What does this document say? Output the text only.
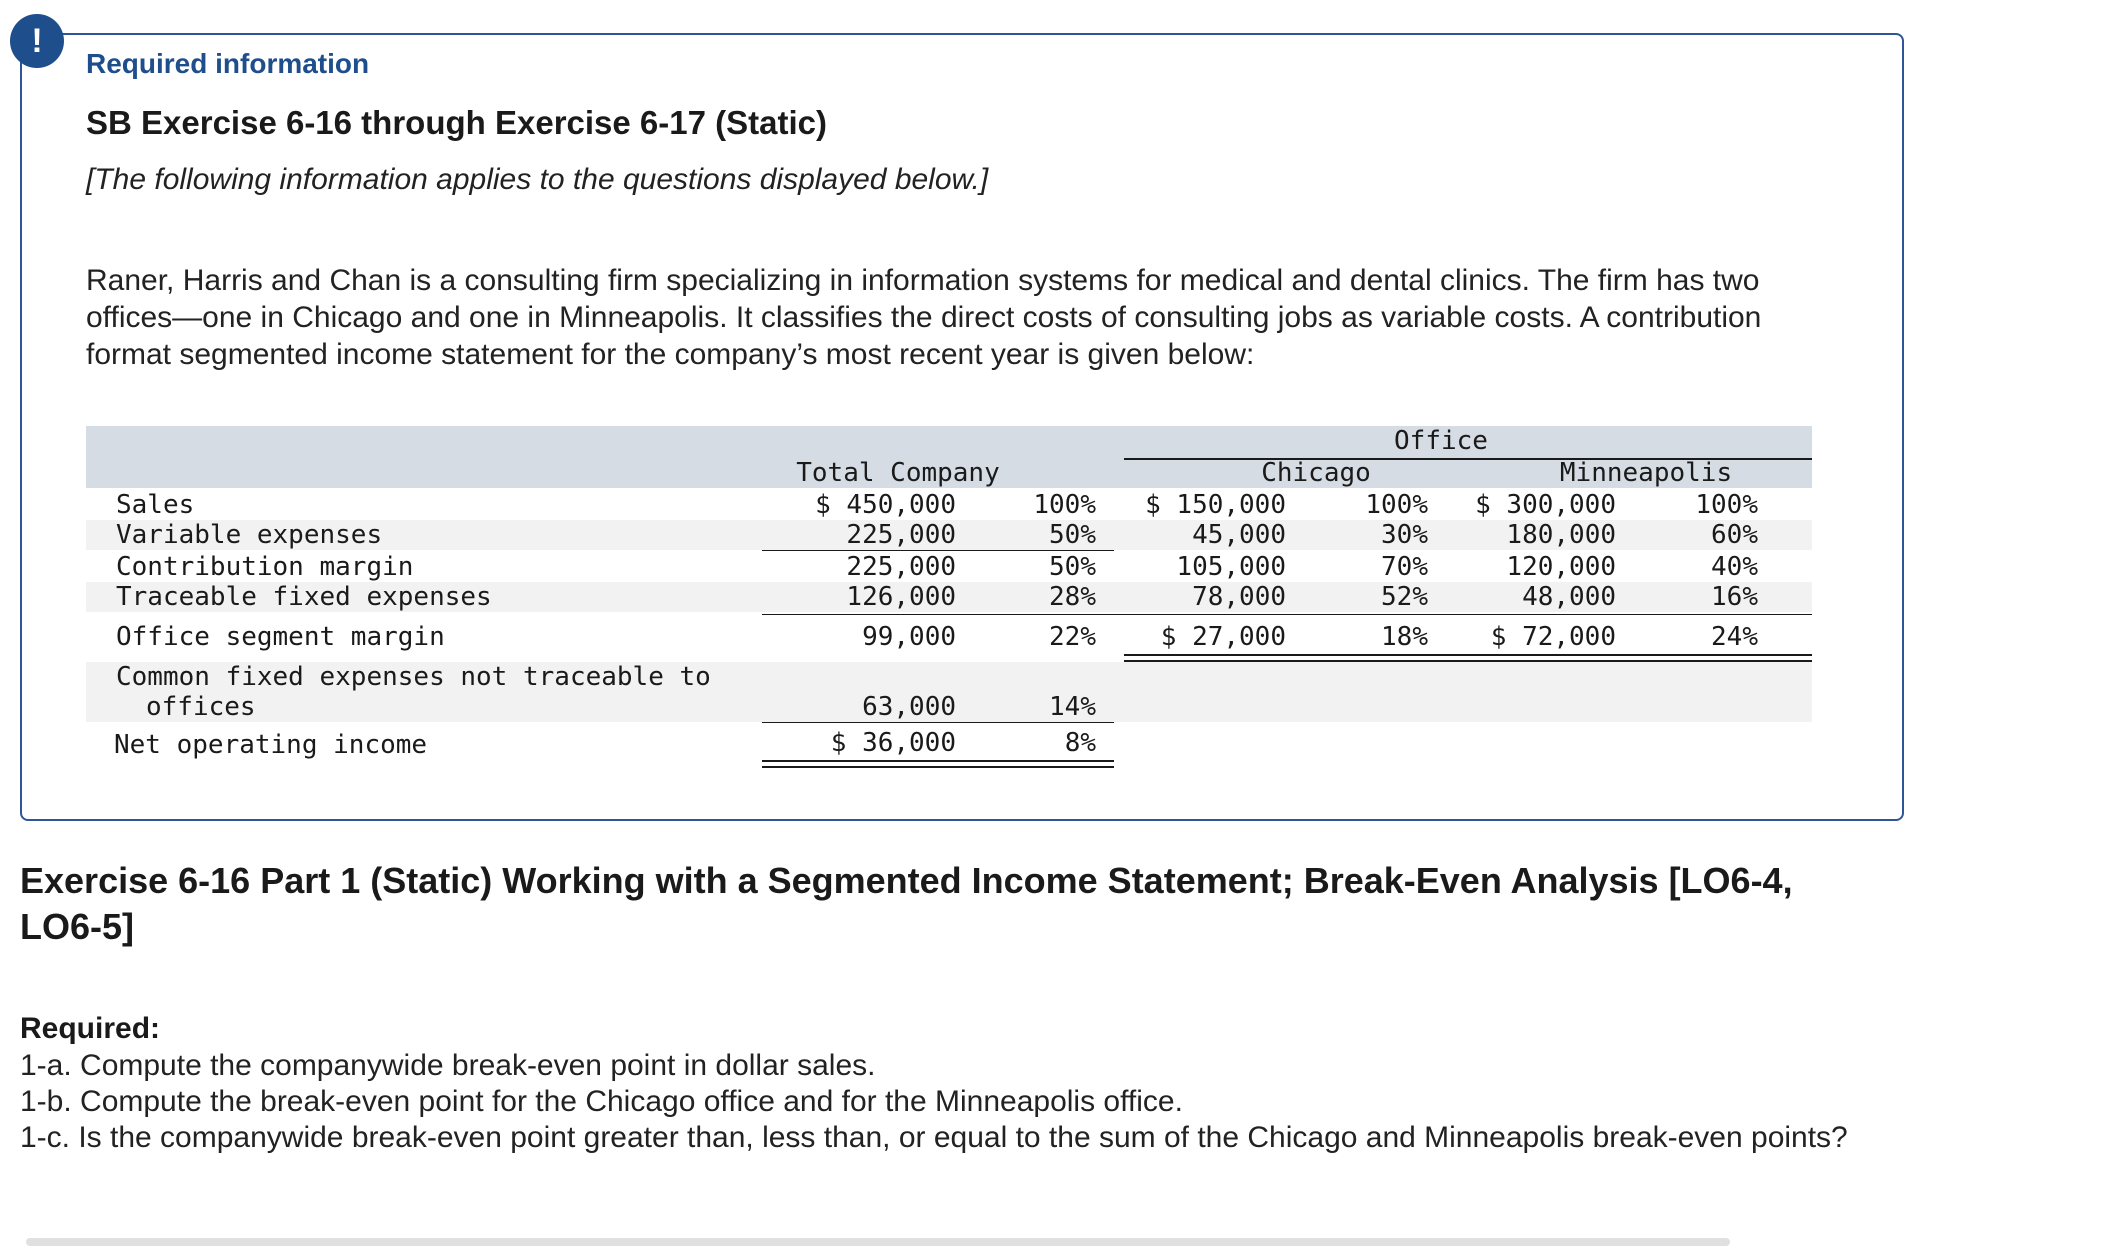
!
Required information
SB Exercise 6-16 through Exercise 6-17 (Static)

[The following information applies to the questions displayed below.]

Raner, Harris and Chan is a consulting firm specializing in information systems for medical and dental clinics. The firm has two offices—one in Chicago and one in Minneapolis. It classifies the direct costs of consulting jobs as variable costs. A contribution format segmented income statement for the company’s most recent year is given below:

Office
Total Company	Chicago	Minneapolis
Sales	$ 450,000	100%	$ 150,000	100%	$ 300,000	100%
Variable expenses	225,000	50%	45,000	30%	180,000	60%
Contribution margin	225,000	50%	105,000	70%	120,000	40%
Traceable fixed expenses	126,000	28%	78,000	52%	48,000	16%
Office segment margin	99,000	22%	$ 27,000	18%	$ 72,000	24%
Common fixed expenses not traceable to
offices	63,000	14%
Net operating income	$ 36,000	8%
Exercise 6-16 Part 1 (Static) Working with a Segmented Income Statement; Break-Even Analysis [LO6-4, LO6-5]
Required:
1-a. Compute the companywide break-even point in dollar sales.
1-b. Compute the break-even point for the Chicago office and for the Minneapolis office.
1-c. Is the companywide break-even point greater than, less than, or equal to the sum of the Chicago and Minneapolis break-even points?
